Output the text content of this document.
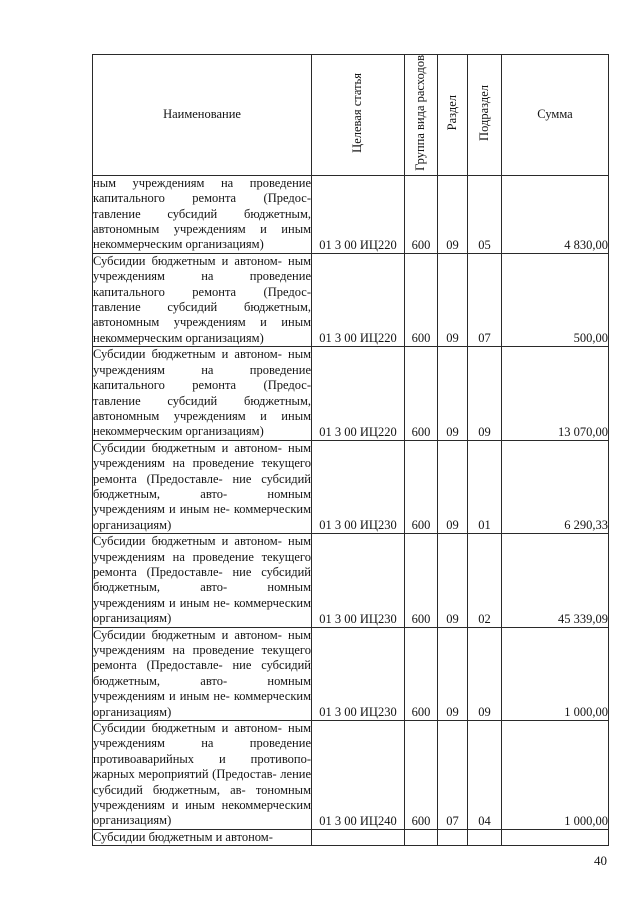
Наименование	Целевая статья	Группа вида расходов	Раздел	Подраздел	Сумма
ным учреждениям на проведение капитального ремонта (Предос- тавление субсидий бюджетным, автономным учреждениям и иным некоммерческим организациям)	01 3 00 ИЦ220	600	09	05	4 830,00
Субсидии бюджетным и автоном- ным учреждениям на проведение капитального ремонта (Предос- тавление субсидий бюджетным, автономным учреждениям и иным некоммерческим организациям)	01 3 00 ИЦ220	600	09	07	500,00
Субсидии бюджетным и автоном- ным учреждениям на проведение капитального ремонта (Предос- тавление субсидий бюджетным, автономным учреждениям и иным некоммерческим организациям)	01 3 00 ИЦ220	600	09	09	13 070,00
Субсидии бюджетным и автоном- ным учреждениям на проведение текущего ремонта (Предоставле- ние субсидий бюджетным, авто- номным учреждениям и иным не- коммерческим организациям)	01 3 00 ИЦ230	600	09	01	6 290,33
Субсидии бюджетным и автоном- ным учреждениям на проведение текущего ремонта (Предоставле- ние субсидий бюджетным, авто- номным учреждениям и иным не- коммерческим организациям)	01 3 00 ИЦ230	600	09	02	45 339,09
Субсидии бюджетным и автоном- ным учреждениям на проведение текущего ремонта (Предоставле- ние субсидий бюджетным, авто- номным учреждениям и иным не- коммерческим организациям)	01 3 00 ИЦ230	600	09	09	1 000,00
Субсидии бюджетным и автоном- ным учреждениям на проведение противоаварийных и противопо- жарных мероприятий (Предостав- ление субсидий бюджетным, ав- тономным учреждениям и иным некоммерческим организациям)	01 3 00 ИЦ240	600	07	04	1 000,00
Субсидии бюджетным и автоном-					
40
